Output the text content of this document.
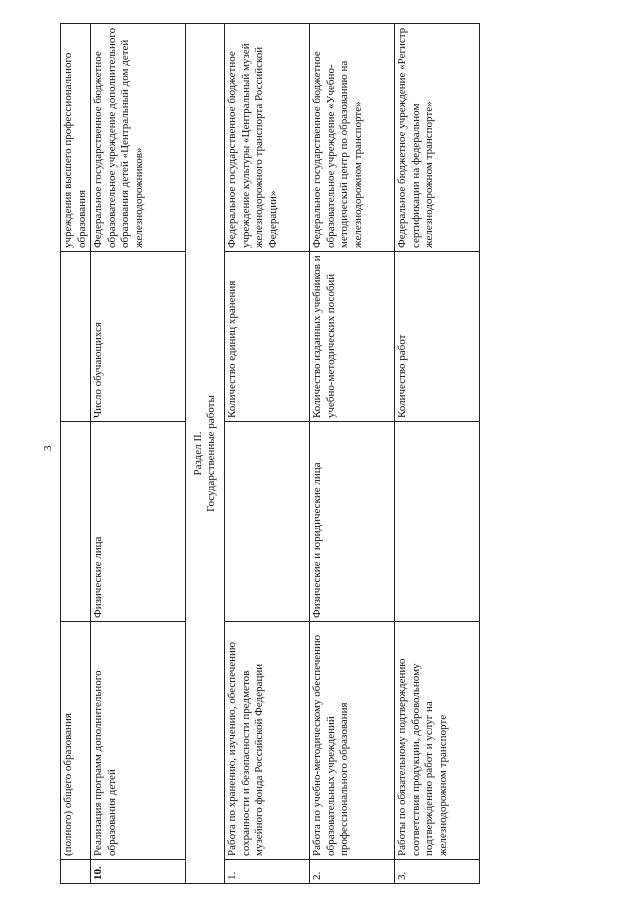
3
	(полного) общего образования			учреждения высшего профессионального образования
10.	Реализация программ дополнительного образования детей	Физические лица	Число обучающихся	Федеральное государственное бюджетное образовательное учреждение дополнительного образования детей «Центральный дом детей железнодорожников»

Раздел II. Государственные работы				

1.	Работа по хранению, изучению, обеспечению сохранности и безопасности предметов музейного фонда Российской Федерации		Количество единиц хранения	Федеральное государственное бюджетное учреждение культуры «Центральный музей железнодорожного транспорта Российской Федерации»
2.	Работа по учебно-методическому обеспечению образовательных учреждений профессионального образования	Физические и юридические лица	Количество изданных учебников и учебно-методических пособий	Федеральное государственное бюджетное образовательное учреждение «Учебно-методический центр по образованию на железнодорожном транспорте»
3.	Работы по обязательному подтверждению соответствия продукции, добровольному подтверждению работ и услуг на железнодорожном транспорте		Количество работ	Федеральное бюджетное учреждение «Регистр сертификации на федеральном железнодорожном транспорте»
